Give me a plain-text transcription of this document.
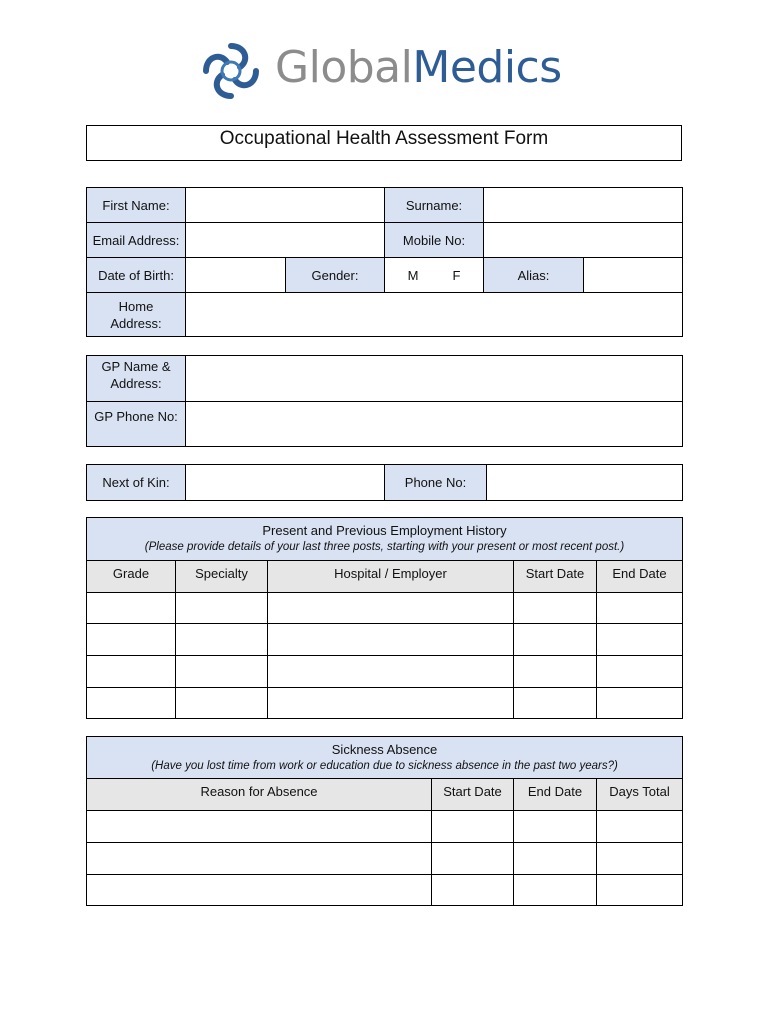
GlobalMedics
Occupational Health Assessment Form
First Name:			Surname:		
Email Address:			Mobile No:		
Date of Birth:		Gender:	M F	Alias:	
Home
Address:					
GP Name &
Address:	
GP Phone No:	
Next of Kin:		Phone No:	
Present and Previous Employment History
(Please provide details of your last three posts, starting with your present or most recent post.)				

Grade	Specialty	Hospital / Employer	Start Date	End Date

Sickness Absence
(Have you lost time from work or education due to sickness absence in the past two years?)			

Reason for Absence	Start Date	End Date	Days Total
